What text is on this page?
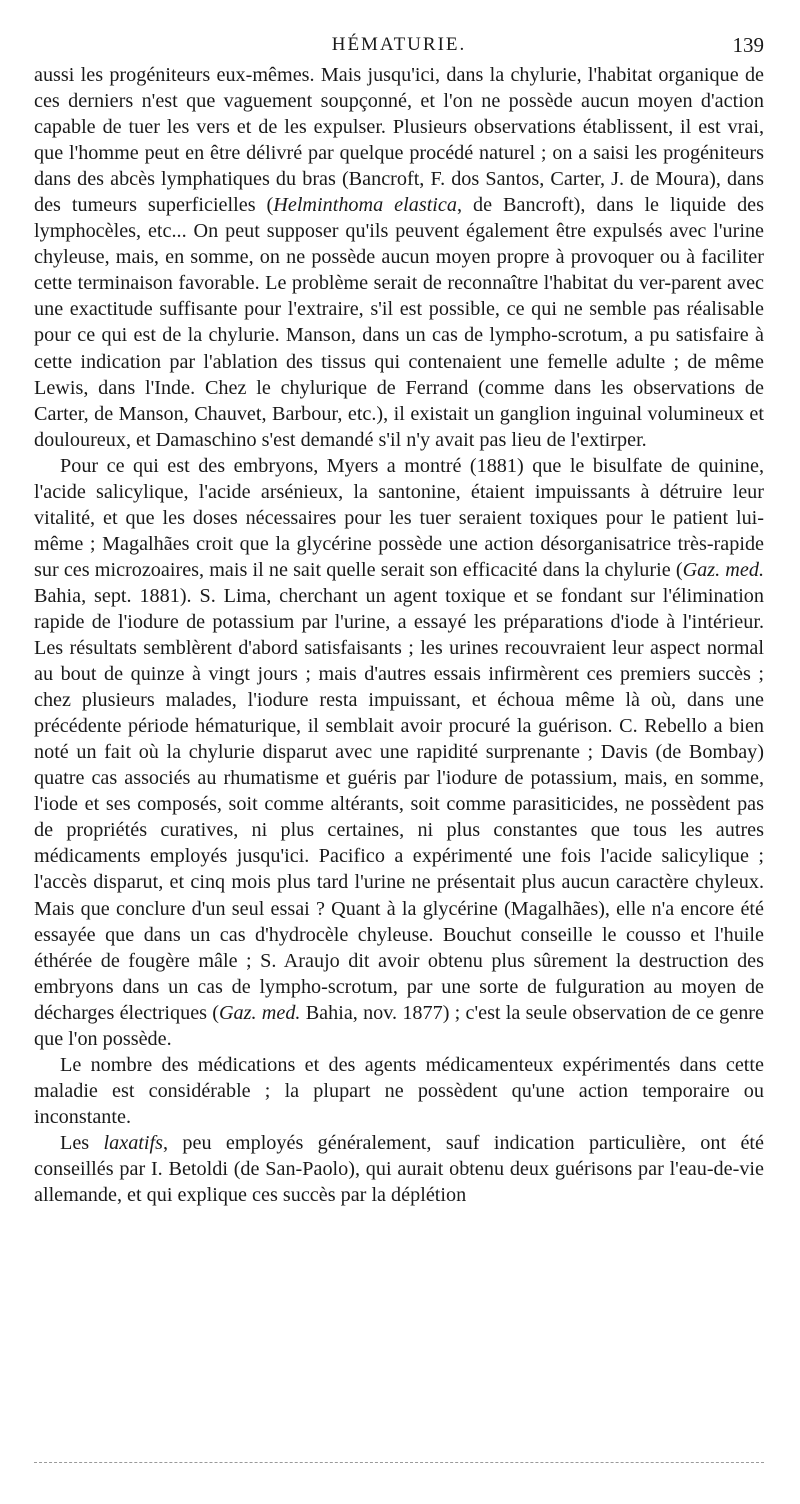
HÉMATURIE.	139

aussi les progéniteurs eux-mêmes. Mais jusqu'ici, dans la chylurie, l'habitat organique de ces derniers n'est que vaguement soupçonné, et l'on ne possède aucun moyen d'action capable de tuer les vers et de les expulser. Plusieurs observations établissent, il est vrai, que l'homme peut en être délivré par quelque procédé naturel ; on a saisi les progéniteurs dans des abcès lymphatiques du bras (Bancroft, F. dos Santos, Carter, J. de Moura), dans des tumeurs superficielles (Helminthoma elastica, de Bancroft), dans le liquide des lymphocèles, etc... On peut supposer qu'ils peuvent également être expulsés avec l'urine chyleuse, mais, en somme, on ne possède aucun moyen propre à provoquer ou à faciliter cette terminaison favorable. Le problème serait de reconnaître l'habitat du ver-parent avec une exactitude suffisante pour l'extraire, s'il est possible, ce qui ne semble pas réalisable pour ce qui est de la chylurie. Manson, dans un cas de lympho-scrotum, a pu satisfaire à cette indication par l'ablation des tissus qui contenaient une femelle adulte ; de même Lewis, dans l'Inde. Chez le chylurique de Ferrand (comme dans les observations de Carter, de Manson, Chauvet, Barbour, etc.), il existait un ganglion inguinal volumineux et douloureux, et Damaschino s'est demandé s'il n'y avait pas lieu de l'extirper.

Pour ce qui est des embryons, Myers a montré (1881) que le bisulfate de quinine, l'acide salicylique, l'acide arsénieux, la santonine, étaient impuissants à détruire leur vitalité, et que les doses nécessaires pour les tuer seraient toxiques pour le patient lui-même ; Magalhães croit que la glycérine possède une action désorganisatrice très-rapide sur ces microzoaires, mais il ne sait quelle serait son efficacité dans la chylurie (Gaz. med. Bahia, sept. 1881). S. Lima, cherchant un agent toxique et se fondant sur l'élimination rapide de l'iodure de potassium par l'urine, a essayé les préparations d'iode à l'intérieur. Les résultats semblèrent d'abord satisfaisants ; les urines recouvraient leur aspect normal au bout de quinze à vingt jours ; mais d'autres essais infirmèrent ces premiers succès ; chez plusieurs malades, l'iodure resta impuissant, et échoua même là où, dans une précédente période hématurique, il semblait avoir procuré la guérison. C. Rebello a bien noté un fait où la chylurie disparut avec une rapidité surprenante ; Davis (de Bombay) quatre cas associés au rhumatisme et guéris par l'iodure de potassium, mais, en somme, l'iode et ses composés, soit comme altérants, soit comme parasiticides, ne possèdent pas de propriétés curatives, ni plus certaines, ni plus constantes que tous les autres médicaments employés jusqu'ici. Pacifico a expérimenté une fois l'acide salicylique ; l'accès disparut, et cinq mois plus tard l'urine ne présentait plus aucun caractère chyleux. Mais que conclure d'un seul essai ? Quant à la glycérine (Magalhães), elle n'a encore été essayée que dans un cas d'hydrocèle chyleuse. Bouchut conseille le cousso et l'huile éthérée de fougère mâle ; S. Araujo dit avoir obtenu plus sûrement la destruction des embryons dans un cas de lympho-scrotum, par une sorte de fulguration au moyen de décharges électriques (Gaz. med. Bahia, nov. 1877) ; c'est la seule observation de ce genre que l'on possède.

Le nombre des médications et des agents médicamenteux expérimentés dans cette maladie est considérable ; la plupart ne possèdent qu'une action temporaire ou inconstante.

Les laxatifs, peu employés généralement, sauf indication particulière, ont été conseillés par I. Betoldi (de San-Paolo), qui aurait obtenu deux guérisons par l'eau-de-vie allemande, et qui explique ces succès par la déplétion
